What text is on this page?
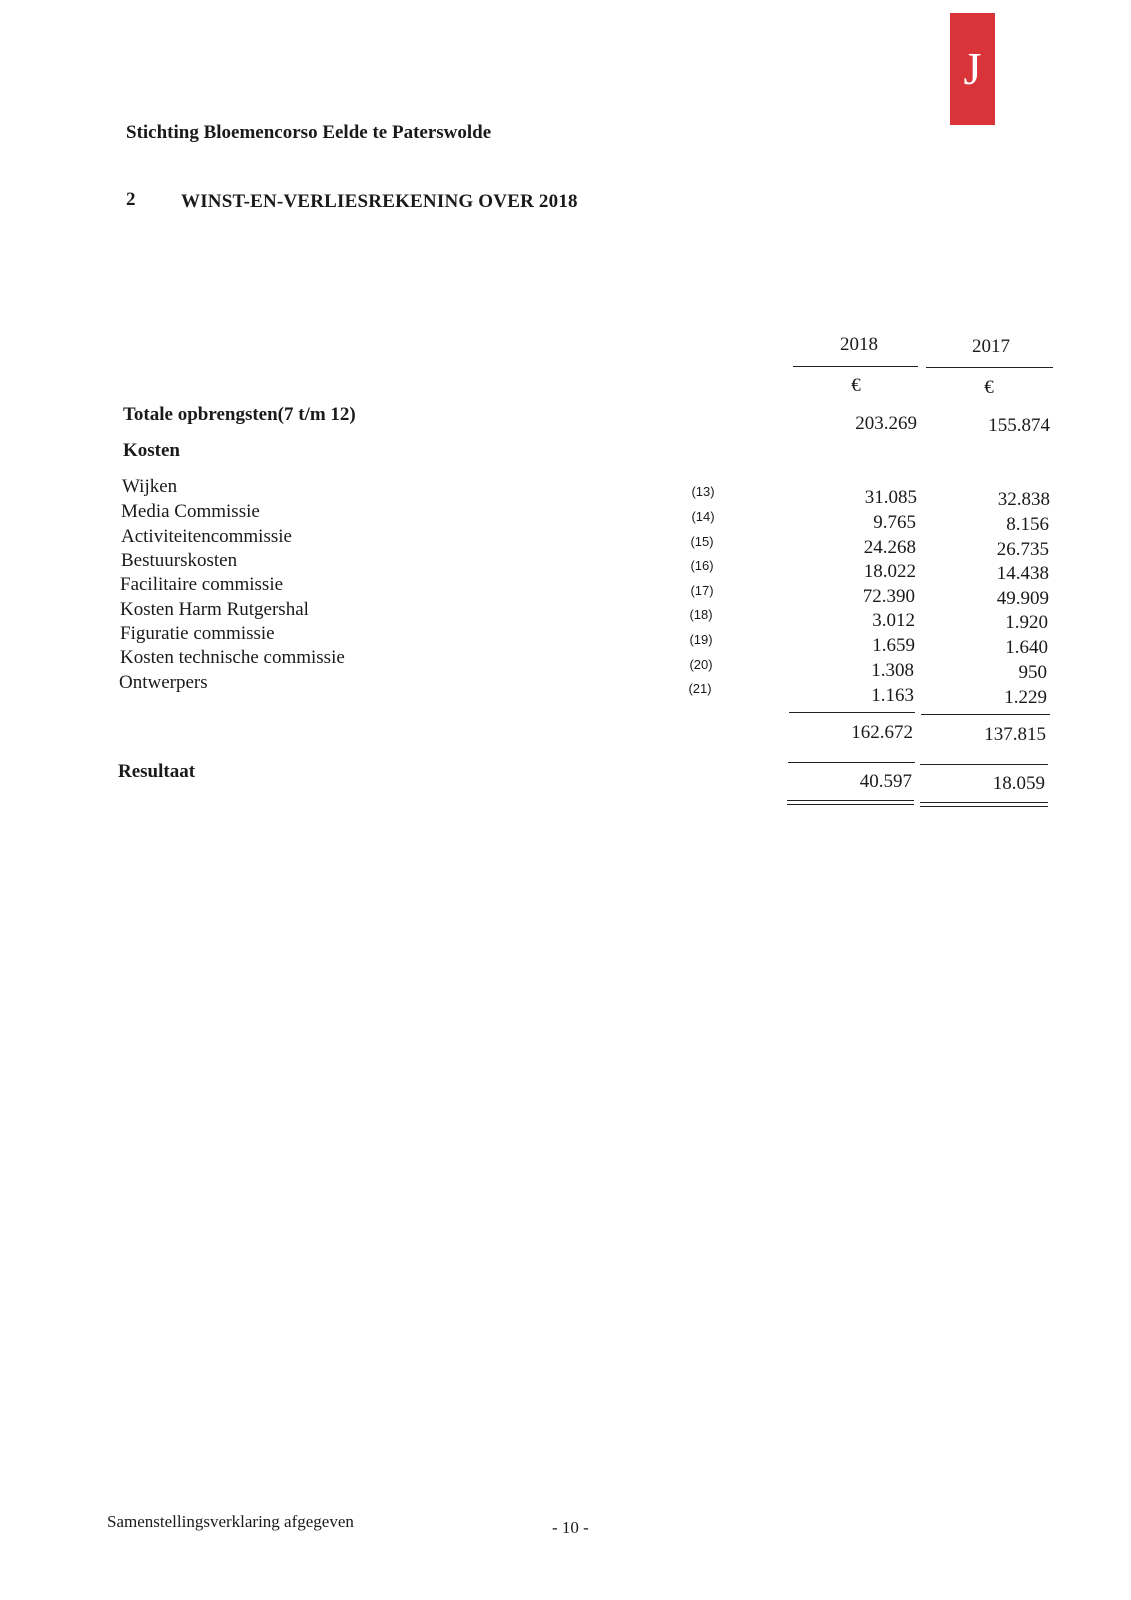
J
Stichting Bloemencorso Eelde te Paterswolde
2 WINST-EN-VERLIESREKENING OVER 2018
2018	2017
€	€
Totale opbrengsten(7 t/m 12)	203.269	155.874
Kosten
Wijken	(13)	31.085	32.838
Media Commissie	(14)	9.765	8.156
Activiteitencommissie	(15)	24.268	26.735
Bestuurskosten	(16)	18.022	14.438
Facilitaire commissie	(17)	72.390	49.909
Kosten Harm Rutgershal	(18)	3.012	1.920
Figuratie commissie	(19)	1.659	1.640
Kosten technische commissie	(20)	1.308	950
Ontwerpers	(21)	1.163	1.229
162.672	137.815
Resultaat	40.597	18.059
Samenstellingsverklaring afgegeven	- 10 -
